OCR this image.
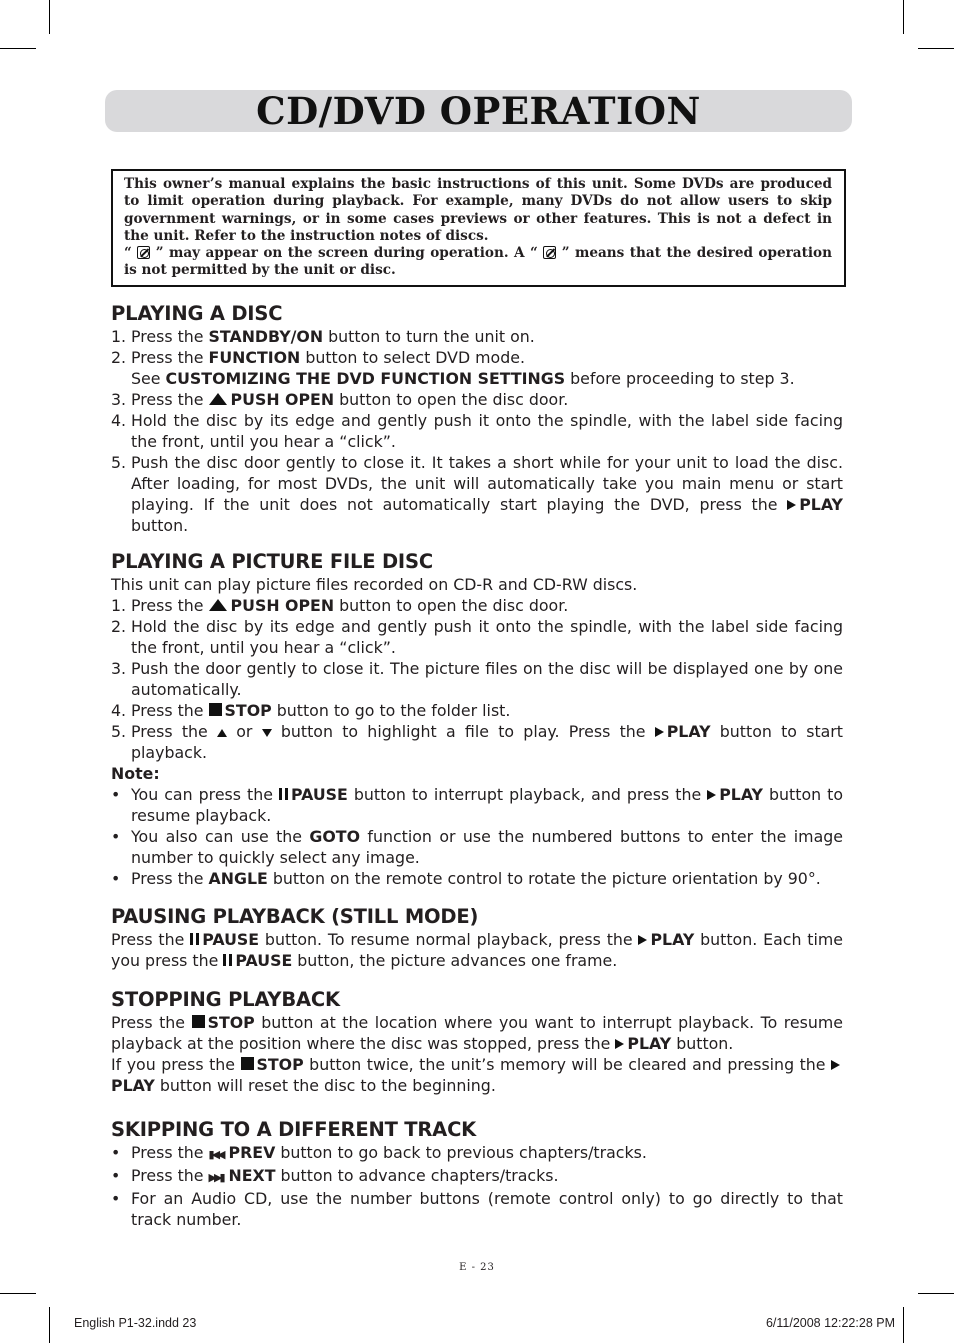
CD/DVD OPERATION
This owner’s manual explains the basic instructions of this unit. Some DVDs are produced to limit operation during playback. For example, many DVDs do not allow users to skip government warnings, or in some cases previews or other features. This is not a defect in the unit. Refer to the instruction notes of discs.
“ ” may appear on the screen during operation. A “ ” means that the desired operation is not permitted by the unit or disc.
PLAYING A DISC
1. Press the STANDBY/ON button to turn the unit on.
2. Press the FUNCTION button to select DVD mode.
See CUSTOMIZING THE DVD FUNCTION SETTINGS before proceeding to step 3.
3. Press the PUSH OPEN button to open the disc door.
4. Hold the disc by its edge and gently push it onto the spindle, with the label side facing the front, until you hear a “click”.
5. Push the disc door gently to close it. It takes a short while for your unit to load the disc. After loading, for most DVDs, the unit will automatically take you main menu or start playing. If the unit does not automatically start playing the DVD, press the PLAY button.
PLAYING A PICTURE FILE DISC

This unit can play picture files recorded on CD-R and CD-RW discs.

1. Press the PUSH OPEN button to open the disc door.
2. Hold the disc by its edge and gently push it onto the spindle, with the label side facing the front, until you hear a “click”.
3. Push the door gently to close it. The picture files on the disc will be displayed one by one automatically.
4. Press the STOP button to go to the folder list.
5. Press the  or  button to highlight a file to play. Press the PLAY button to start playback.

Note:

• You can press the PAUSE button to interrupt playback, and press the PLAY button to resume playback.
• You also can use the GOTO function or use the numbered buttons to enter the image number to quickly select any image.
• Press the ANGLE button on the remote control to rotate the picture orientation by 90°.
PAUSING PLAYBACK (STILL MODE)

Press the PAUSE button. To resume normal playback, press the PLAY button. Each time you press the PAUSE button, the picture advances one frame.

STOPPING PLAYBACK

Press the STOP button at the location where you want to interrupt playback. To resume playback at the position where the disc was stopped, press the PLAY button.

If you press the STOP button twice, the unit’s memory will be cleared and pressing the PLAY button will reset the disc to the beginning.

SKIPPING TO A DIFFERENT TRACK
• Press the ▮◀◀ PREV button to go back to previous chapters/tracks.
• Press the ▶▶▮ NEXT button to advance chapters/tracks.
• For an Audio CD, use the number buttons (remote control only) to go directly to that track number.
E - 23
English P1-32.indd 23	6/11/2008 12:22:28 PM
